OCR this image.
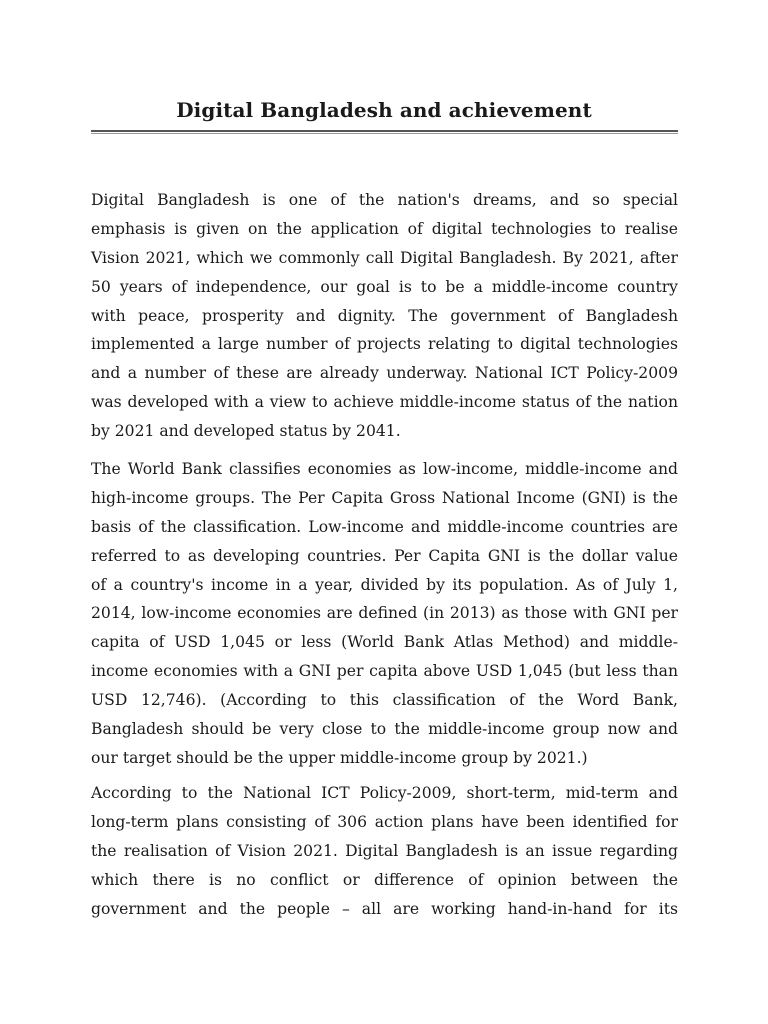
Digital Bangladesh and achievement
Digital Bangladesh is one of the nation's dreams, and so special
emphasis is given on the application of digital technologies to realise
Vision 2021, which we commonly call Digital Bangladesh. By 2021, after
50 years of independence, our goal is to be a middle-income country
with peace, prosperity and dignity. The government of Bangladesh
implemented a large number of projects relating to digital technologies
and a number of these are already underway. National ICT Policy-2009
was developed with a view to achieve middle-income status of the nation
by 2021 and developed status by 2041.
The World Bank classifies economies as low-income, middle-income and
high-income groups. The Per Capita Gross National Income (GNI) is the
basis of the classification. Low-income and middle-income countries are
referred to as developing countries. Per Capita GNI is the dollar value
of a country's income in a year, divided by its population. As of July 1,
2014, low-income economies are defined (in 2013) as those with GNI per
capita of USD 1,045 or less (World Bank Atlas Method) and middle-
income economies with a GNI per capita above USD 1,045 (but less than
USD 12,746). (According to this classification of the Word Bank,
Bangladesh should be very close to the middle-income group now and
our target should be the upper middle-income group by 2021.)
According to the National ICT Policy-2009, short-term, mid-term and
long-term plans consisting of 306 action plans have been identified for
the realisation of Vision 2021. Digital Bangladesh is an issue regarding
which there is no conflict or difference of opinion between the
government and the people – all are working hand-in-hand for its
